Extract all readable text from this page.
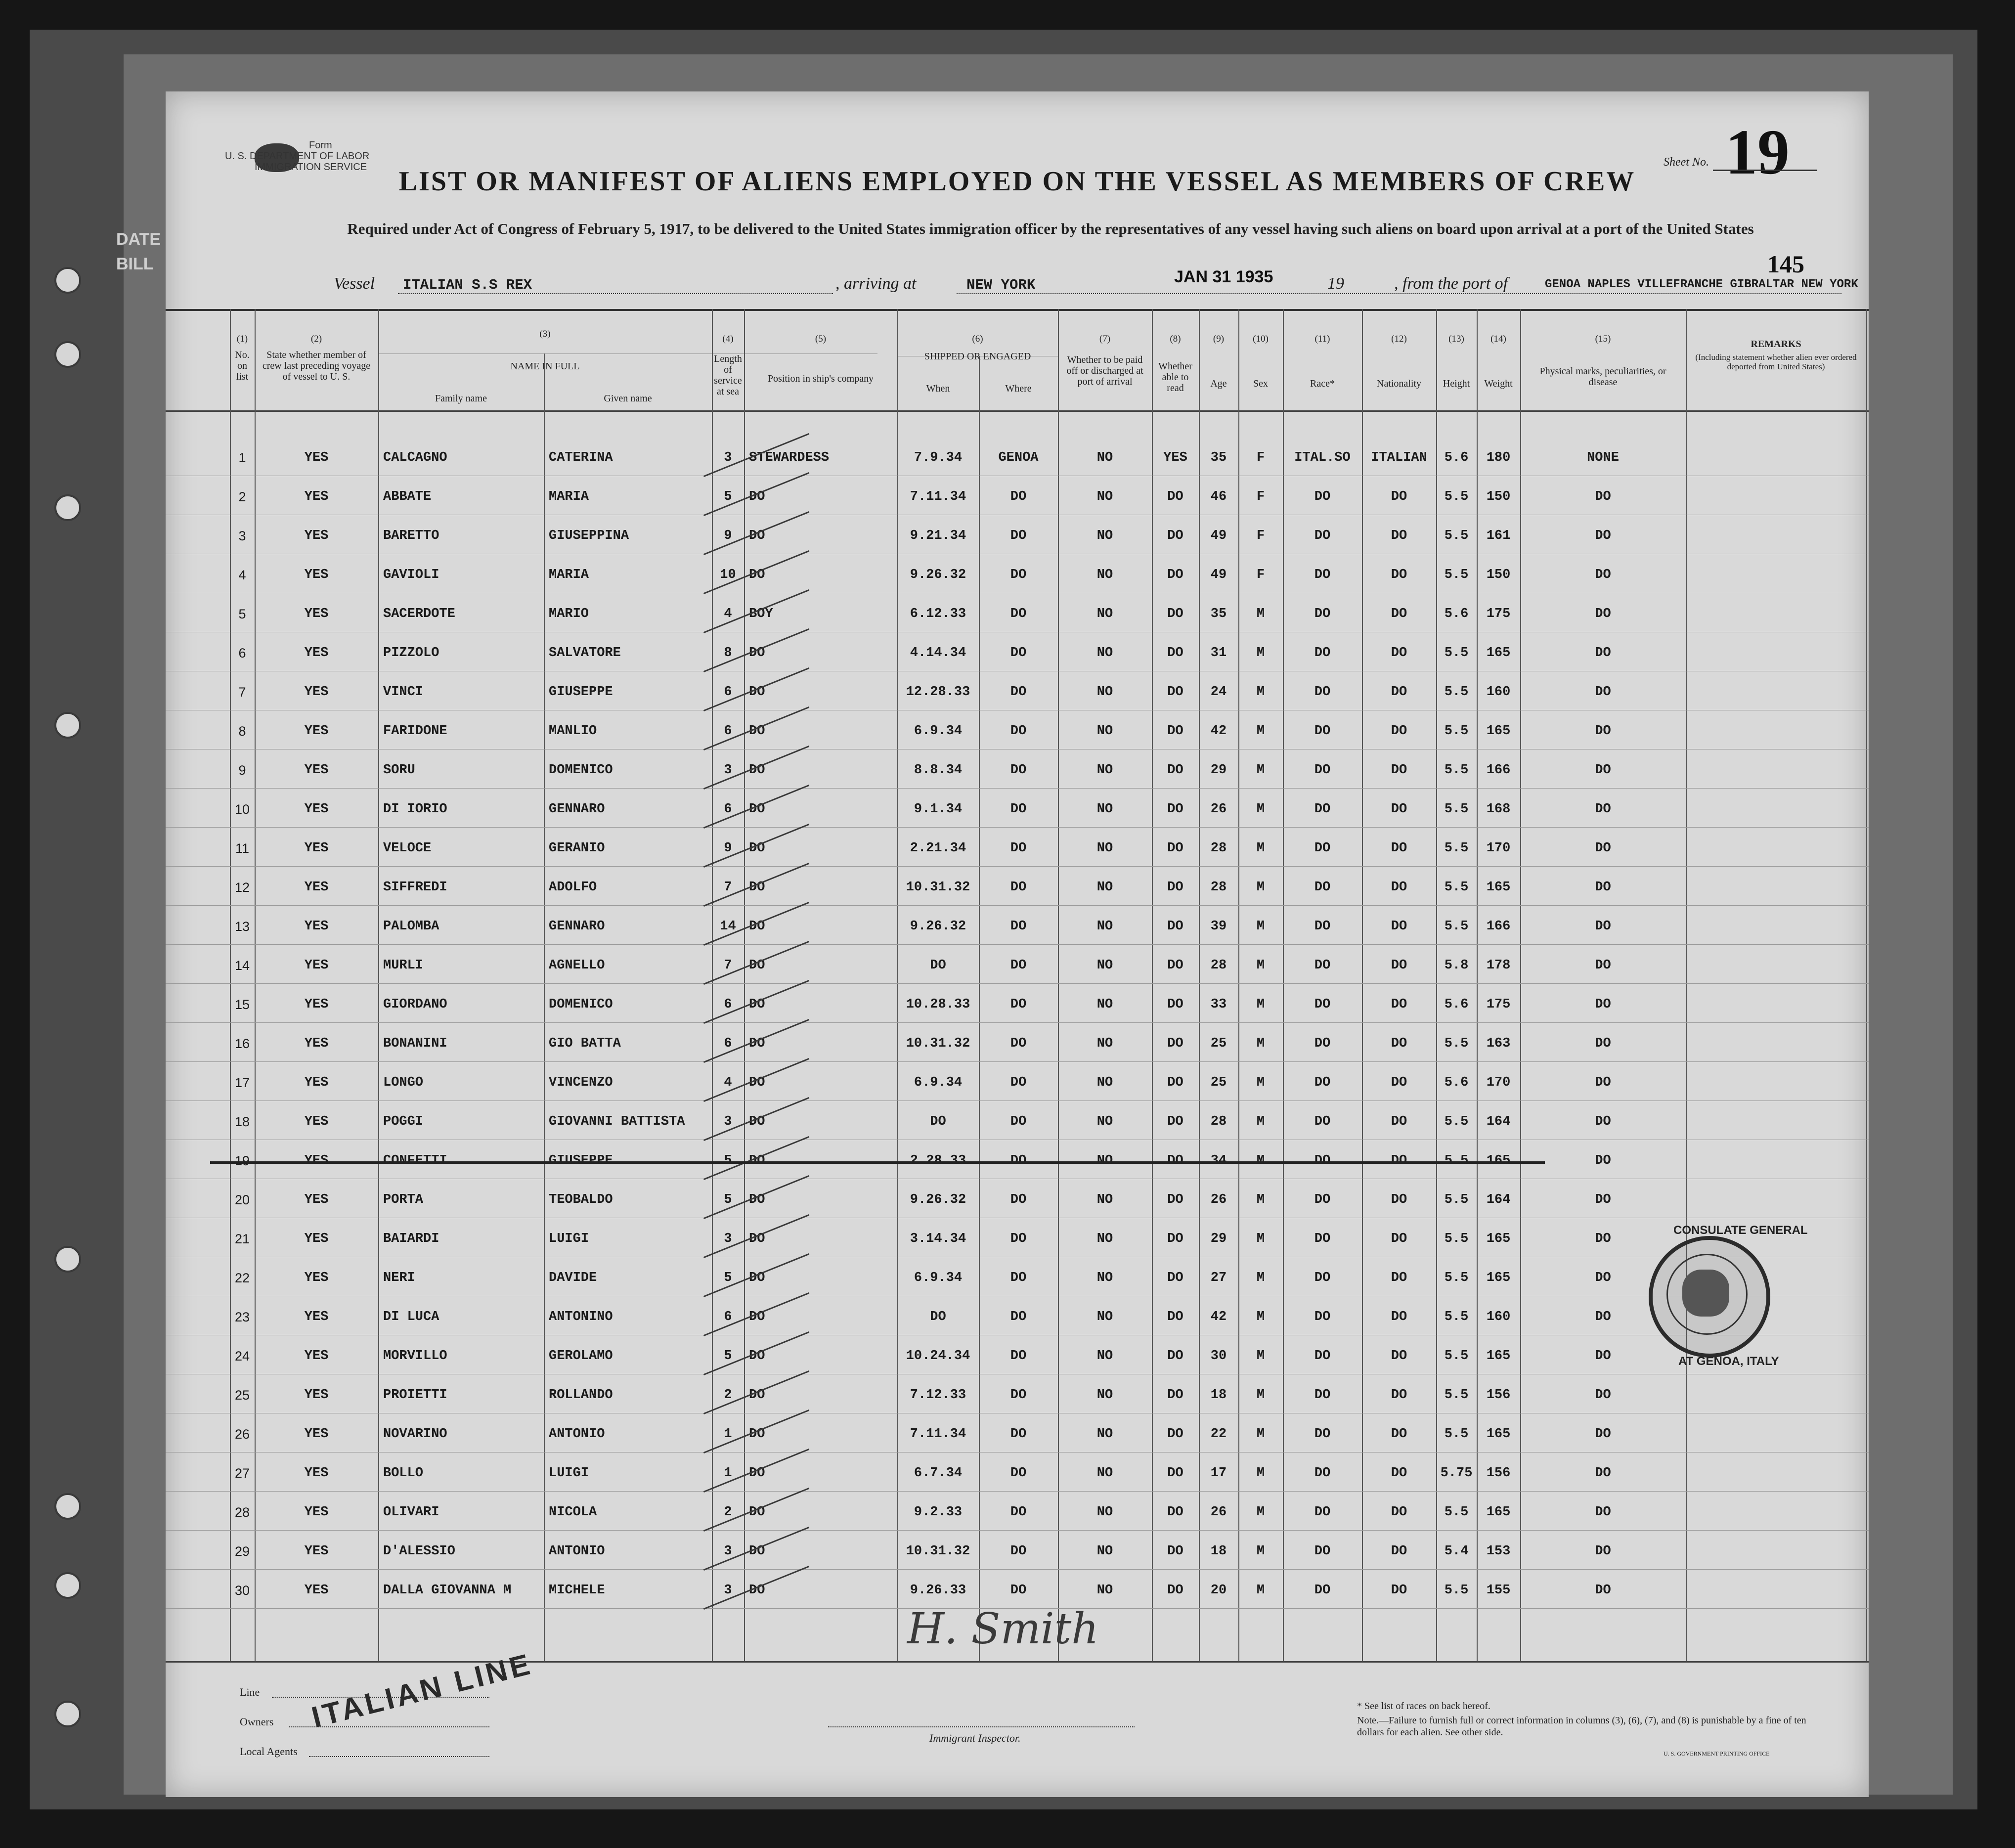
DATE
BILL
Form
U. S. DEPARTMENT OF LABOR
IMMIGRATION SERVICE	LIST OR MANIFEST OF ALIENS EMPLOYED ON THE VESSEL AS MEMBERS OF CREW
Required under Act of Congress of February 5, 1917, to be delivered to the United States immigration officer by the representatives of any vessel having such aliens on board upon arrival at a port of the United States
Sheet No. 19
145
Vessel ITALIAN S.S REX	, arriving at	NEW YORK	JAN 31 1935	19	, from the port of	GENOA NAPLES VILLEFRANCHE GIBRALTAR NEW YORK
(1)
No. on list
(2)
State whether member of crew last preceding voyage of vessel to U. S.
(3)
NAME IN FULL
Family name	Given name
(4)
Length of service at sea
(5)
Position in ship's company
(6)
SHIPPED OR ENGAGED
When	Where
(7)
Whether to be paid off or discharged at port of arrival
(8)
Whether able to read
(9)
Age
(10)
Sex
(11)
Race*
(12)
Nationality
(13)
Height
(14)
Weight
(15)
Physical marks, peculiarities, or disease
REMARKS
(Including statement whether alien ever ordered deported from United States)
1	YES	CALCAGNO	CATERINA	3	STEWARDESS	7.9.34	GENOA	NO	YES	35	F	ITAL.SO	ITALIAN	5.6	180	NONE
2	YES	ABBATE	MARIA	5	DO	7.11.34	DO	NO	DO	46	F	DO	DO	5.5	150	DO
3	YES	BARETTO	GIUSEPPINA	9	DO	9.21.34	DO	NO	DO	49	F	DO	DO	5.5	161	DO
4	YES	GAVIOLI	MARIA	10 DO	9.26.32	DO	NO	DO	49	F	DO	DO	5.5	150	DO
5	YES	SACERDOTE	MARIO	4	BOY	6.12.33	DO	NO	DO	35	M	DO	DO	5.6	175	DO
6	YES	PIZZOLO	SALVATORE	8	DO	4.14.34	DO	NO	DO	31	M	DO	DO	5.5	165	DO
7	YES	VINCI	GIUSEPPE	6	DO	12.28.33	DO	NO	DO	24	M	DO	DO	5.5	160	DO
8	YES	FARIDONE	MANLIO	6	DO	6.9.34	DO	NO	DO	42	M	DO	DO	5.5	165	DO
9	YES	SORU	DOMENICO	3	DO	8.8.34	DO	NO	DO	29	M	DO	DO	5.5	166	DO
10	YES	DI IORIO	GENNARO	6	DO	9.1.34	DO	NO	DO	26	M	DO	DO	5.5	168	DO
11	YES	VELOCE	GERANIO	9	DO	2.21.34	DO	NO	DO	28	M	DO	DO	5.5	170	DO
12	YES	SIFFREDI	ADOLFO	7	DO	10.31.32	DO	NO	DO	28	M	DO	DO	5.5	165	DO
13	YES	PALOMBA	GENNARO	14 DO	9.26.32	DO	NO	DO	39	M	DO	DO	5.5	166	DO
14	YES	MURLI	AGNELLO	7	DO	DO	DO	NO	DO	28	M	DO	DO	5.8	178	DO
15	YES	GIORDANO	DOMENICO	6	DO	10.28.33	DO	NO	DO	33	M	DO	DO	5.6	175	DO
16	YES	BONANINI	GIO BATTA	6	DO	10.31.32	DO	NO	DO	25	M	DO	DO	5.5	163	DO
17	YES	LONGO	VINCENZO	4	DO	6.9.34	DO	NO	DO	25	M	DO	DO	5.6	170	DO
18	YES	POGGI	GIOVANNI BATTISTA	3	DO	DO	DO	NO	DO	28	M	DO	DO	5.5	164	DO
19	YES	CONFETTI	GIUSEPPE	5	DO	2.28.33	DO	NO	DO	34	M	DO	DO	5.5	165	DO
20	YES	PORTA	TEOBALDO	5	DO	9.26.32	DO	NO	DO	26	M	DO	DO	5.5	164	DO
21	YES	BAIARDI	LUIGI	3	DO	3.14.34	DO	NO	DO	29	M	DO	DO	5.5	165	DO
22	YES	NERI	DAVIDE	5	DO	6.9.34	DO	NO	DO	27	M	DO	DO	5.5	165	DO
23	YES	DI LUCA	ANTONINO	6	DO	DO	DO	NO	DO	42	M	DO	DO	5.5	160	DO
24	YES	MORVILLO	GEROLAMO	5	DO	10.24.34	DO	NO	DO	30	M	DO	DO	5.5	165	DO
25	YES	PROIETTI	ROLLANDO	2	DO	7.12.33	DO	NO	DO	18	M	DO	DO	5.5	156	DO
26	YES	NOVARINO	ANTONIO	1	DO	7.11.34	DO	NO	DO	22	M	DO	DO	5.5	165	DO
27	YES	BOLLO	LUIGI	1	DO	6.7.34	DO	NO	DO	17	M	DO	DO	5.75	156	DO
28	YES	OLIVARI	NICOLA	2	DO	9.2.33	DO	NO	DO	26	M	DO	DO	5.5	165	DO
29	YES	D'ALESSIO	ANTONIO	3	DO	10.31.32	DO	NO	DO	18	M	DO	DO	5.4	153	DO
30	YES	DALLA GIOVANNA M	MICHELE	3	DO	9.26.33	DO	NO	DO	20	M	DO	DO	5.5	155	DO
CONSULATE GENERAL
AT GENOA, ITALY
H. Smith
Line
Owners
Local Agents
ITALIAN LINE
Immigrant Inspector.
* See list of races on back hereof.
Note.—Failure to furnish full or correct information in columns (3), (6), (7), and (8) is punishable by a fine of ten dollars for each alien. See other side.
U. S. GOVERNMENT PRINTING OFFICE
